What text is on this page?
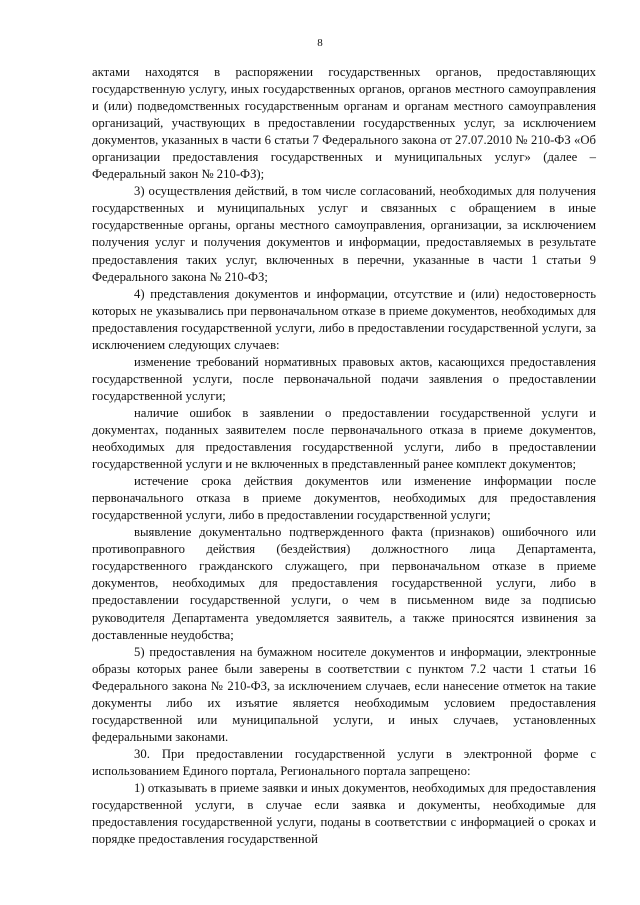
8

актами находятся в распоряжении государственных органов, предоставляющих государственную услугу, иных государственных органов, органов местного самоуправления и (или) подведомственных государственным органам и органам местного самоуправления организаций, участвующих в предоставлении государственных услуг, за исключением документов, указанных в части 6 статьи 7 Федерального закона от 27.07.2010 № 210-ФЗ «Об организации предоставления государственных и муниципальных услуг» (далее – Федеральный закон № 210-ФЗ);

3) осуществления действий, в том числе согласований, необходимых для получения государственных и муниципальных услуг и связанных с обращением в иные государственные органы, органы местного самоуправления, организации, за исключением получения услуг и получения документов и информации, предоставляемых в результате предоставления таких услуг, включенных в перечни, указанные в части 1 статьи 9 Федерального закона № 210-ФЗ;

4) представления документов и информации, отсутствие и (или) недостоверность которых не указывались при первоначальном отказе в приеме документов, необходимых для предоставления государственной услуги, либо в предоставлении государственной услуги, за исключением следующих случаев:

изменение требований нормативных правовых актов, касающихся предоставления государственной услуги, после первоначальной подачи заявления о предоставлении государственной услуги;

наличие ошибок в заявлении о предоставлении государственной услуги и документах, поданных заявителем после первоначального отказа в приеме документов, необходимых для предоставления государственной услуги, либо в предоставлении государственной услуги и не включенных в представленный ранее комплект документов;

истечение срока действия документов или изменение информации после первоначального отказа в приеме документов, необходимых для предоставления государственной услуги, либо в предоставлении государственной услуги;

выявление документально подтвержденного факта (признаков) ошибочного или противоправного действия (бездействия) должностного лица Департамента, государственного гражданского служащего, при первоначальном отказе в приеме документов, необходимых для предоставления государственной услуги, либо в предоставлении государственной услуги, о чем в письменном виде за подписью руководителя Департамента уведомляется заявитель, а также приносятся извинения за доставленные неудобства;

5) предоставления на бумажном носителе документов и информации, электронные образы которых ранее были заверены в соответствии с пунктом 7.2 части 1 статьи 16 Федерального закона № 210-ФЗ, за исключением случаев, если нанесение отметок на такие документы либо их изъятие является необходимым условием предоставления государственной или муниципальной услуги, и иных случаев, установленных федеральными законами.

30. При предоставлении государственной услуги в электронной форме с использованием Единого портала, Регионального портала запрещено:

1) отказывать в приеме заявки и иных документов, необходимых для предоставления государственной услуги, в случае если заявка и документы, необходимые для предоставления государственной услуги, поданы в соответствии с информацией о сроках и порядке предоставления государственной
